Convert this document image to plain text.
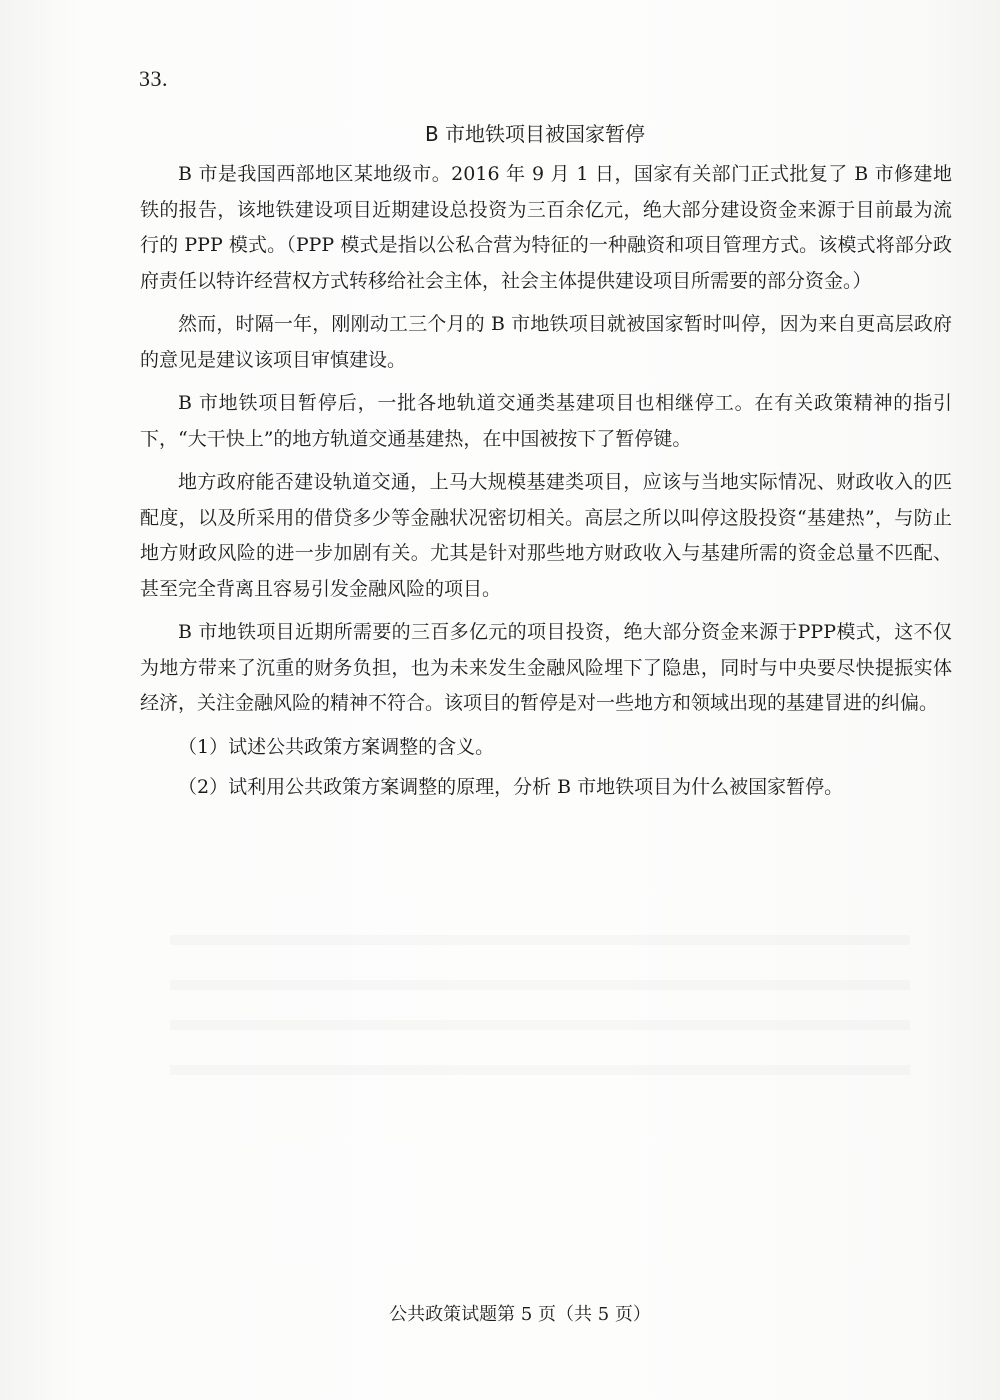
33.
B 市地铁项目被国家暂停

B 市是我国西部地区某地级市。2016 年 9 月 1 日，国家有关部门正式批复了 B 市修建地铁的报告，该地铁建设项目近期建设总投资为三百余亿元，绝大部分建设资金来源于目前最为流行的 PPP 模式。（PPP 模式是指以公私合营为特征的一种融资和项目管理方式。该模式将部分政府责任以特许经营权方式转移给社会主体，社会主体提供建设项目所需要的部分资金。）

然而，时隔一年，刚刚动工三个月的 B 市地铁项目就被国家暂时叫停，因为来自更高层政府的意见是建议该项目审慎建设。

B 市地铁项目暂停后，一批各地轨道交通类基建项目也相继停工。在有关政策精神的指引下，“大干快上”的地方轨道交通基建热，在中国被按下了暂停键。

地方政府能否建设轨道交通，上马大规模基建类项目，应该与当地实际情况、财政收入的匹配度，以及所采用的借贷多少等金融状况密切相关。高层之所以叫停这股投资“基建热”，与防止地方财政风险的进一步加剧有关。尤其是针对那些地方财政收入与基建所需的资金总量不匹配、甚至完全背离且容易引发金融风险的项目。

B 市地铁项目近期所需要的三百多亿元的项目投资，绝大部分资金来源于PPP模式，这不仅为地方带来了沉重的财务负担，也为未来发生金融风险埋下了隐患，同时与中央要尽快提振实体经济，关注金融风险的精神不符合。该项目的暂停是对一些地方和领域出现的基建冒进的纠偏。

（1）试述公共政策方案调整的含义。

（2）试利用公共政策方案调整的原理，分析 B 市地铁项目为什么被国家暂停。

公共政策试题第 5 页（共 5 页）
